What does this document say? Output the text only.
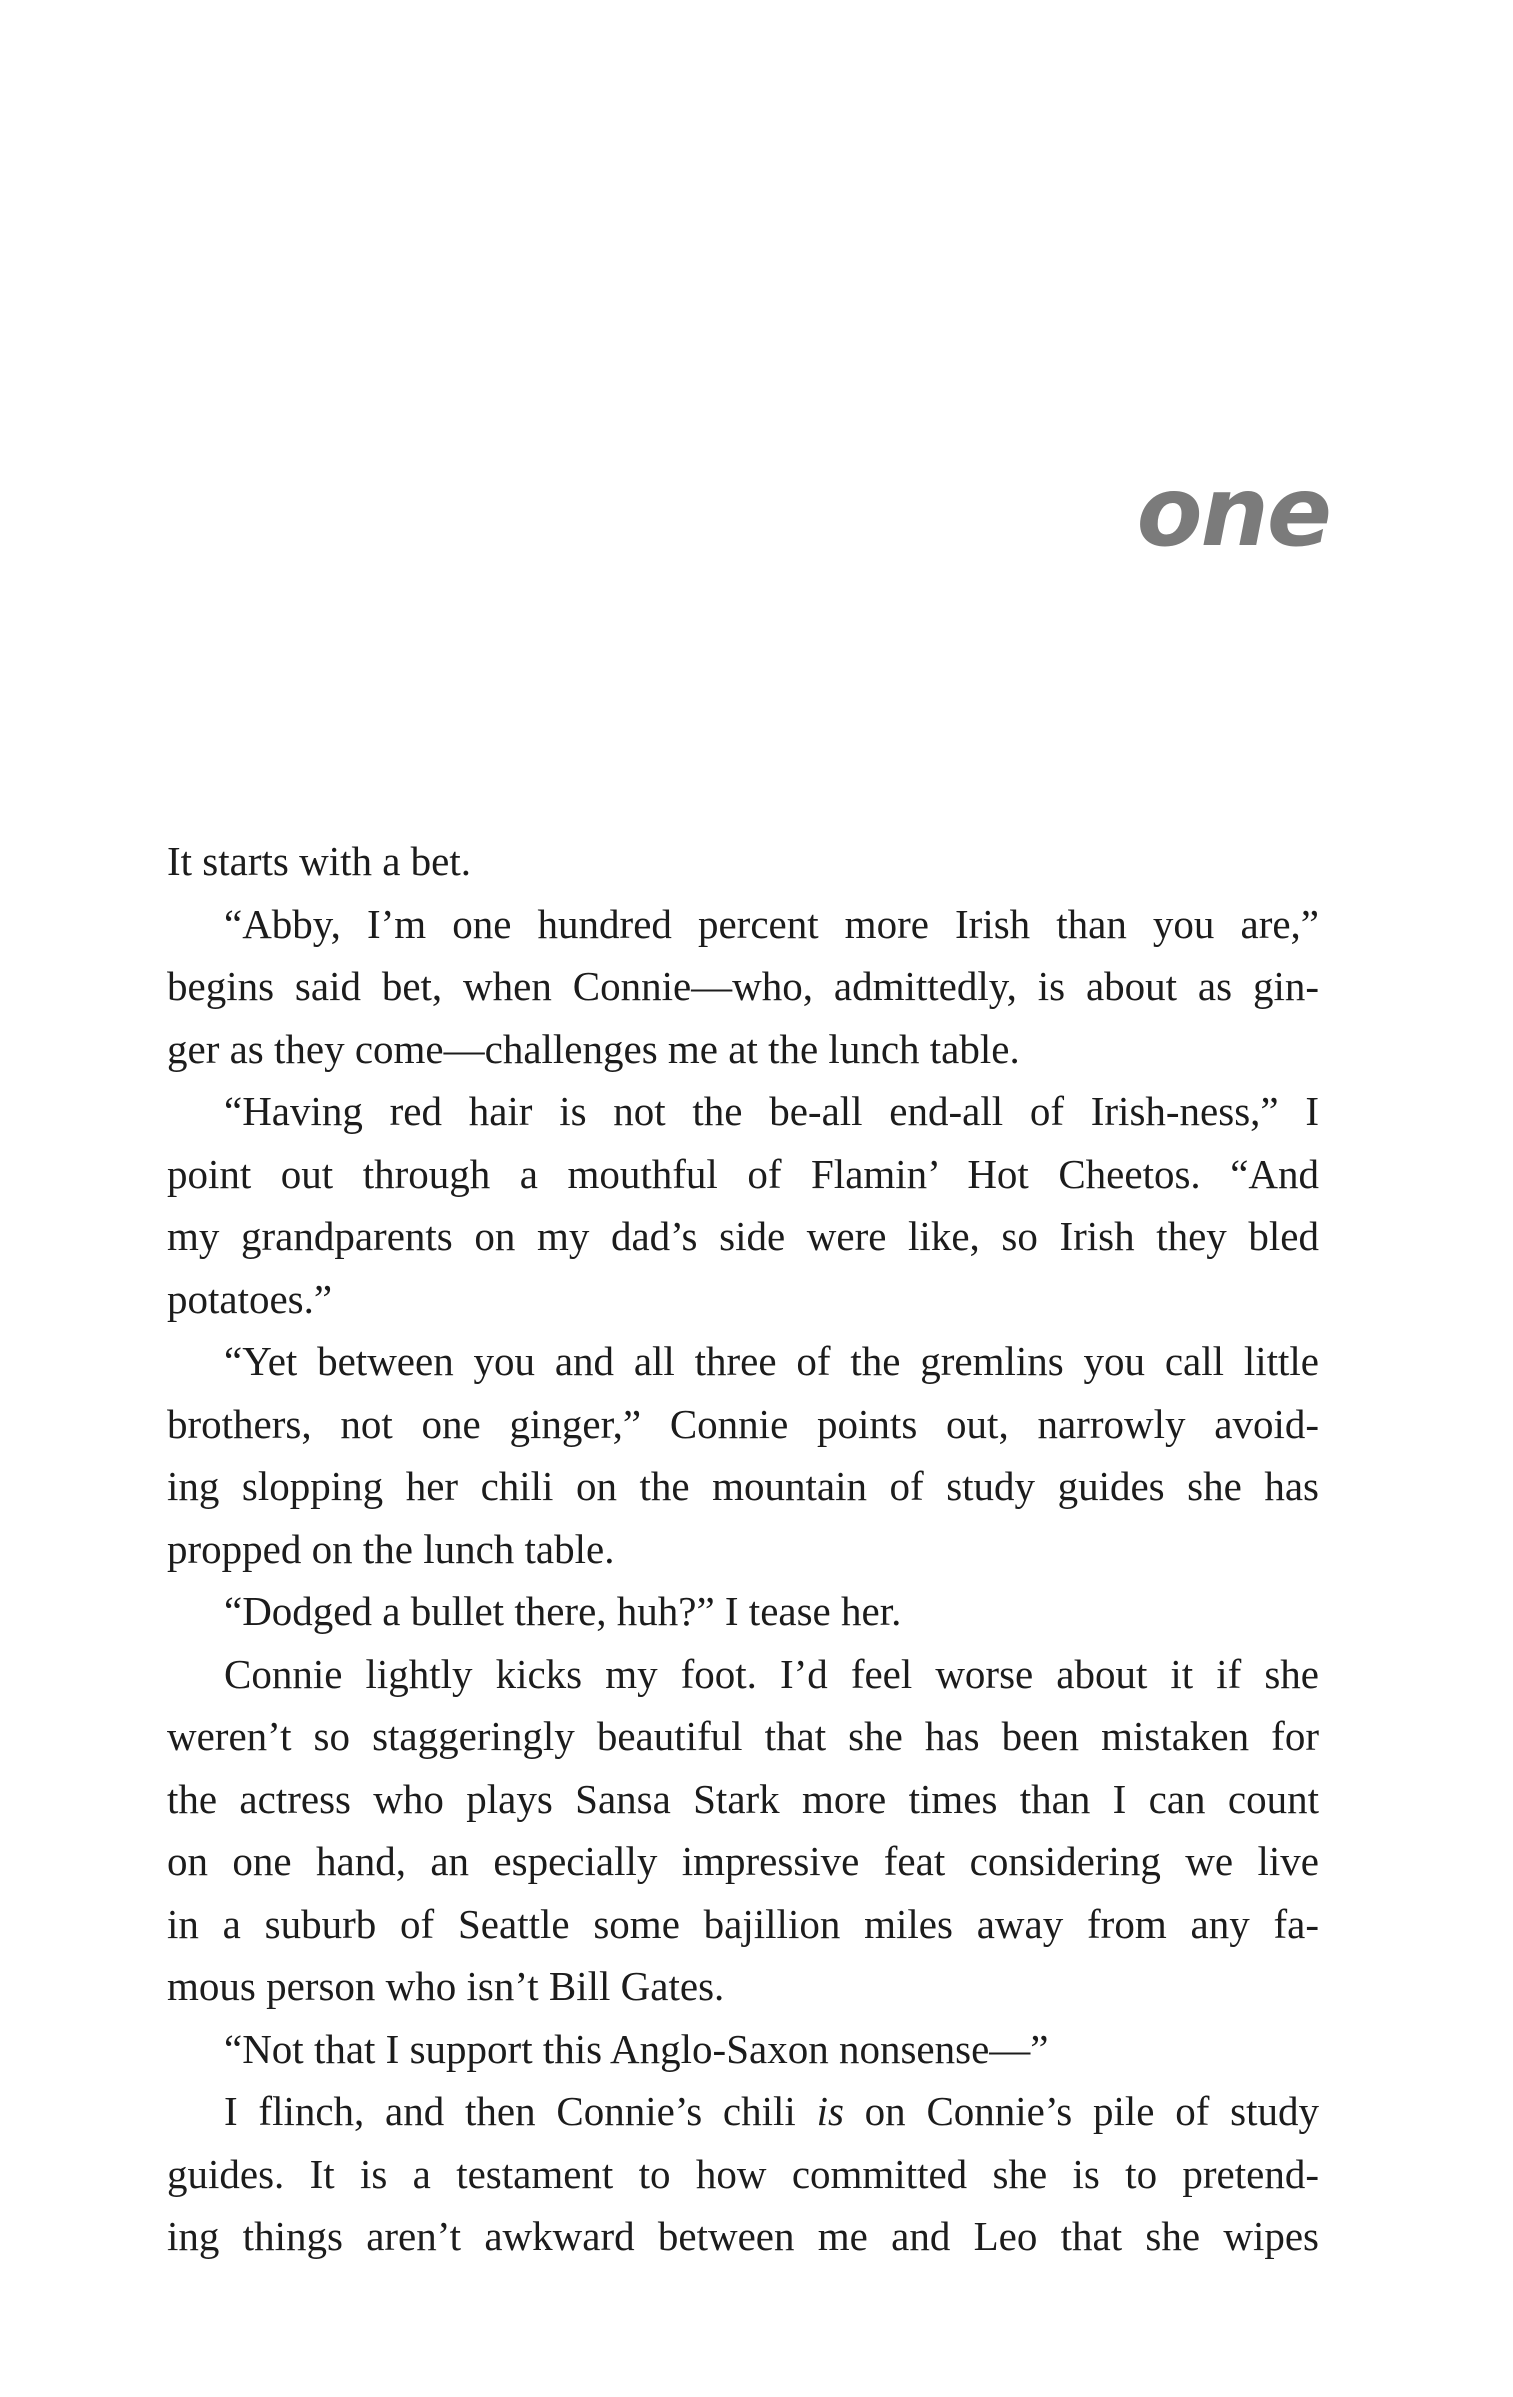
one
It starts with a bet.
“Abby, I’m one hundred percent more Irish than you are,”
begins said bet, when Connie—who, admittedly, is about as gin-
ger as they come—challenges me at the lunch table.
“Having red hair is not the be-all end-all of Irish-ness,” I
point out through a mouthful of Flamin’ Hot Cheetos. “And
my grandparents on my dad’s side were like, so Irish they bled
potatoes.”
“Yet between you and all three of the gremlins you call little
brothers, not one ginger,” Connie points out, narrowly avoid-
ing slopping her chili on the mountain of study guides she has
propped on the lunch table.
“Dodged a bullet there, huh?” I tease her.
Connie lightly kicks my foot. I’d feel worse about it if she
weren’t so staggeringly beautiful that she has been mistaken for
the actress who plays Sansa Stark more times than I can count
on one hand, an especially impressive feat considering we live
in a suburb of Seattle some bajillion miles away from any fa-
mous person who isn’t Bill Gates.
“Not that I support this Anglo-Saxon nonsense—”
I flinch, and then Connie’s chili is on Connie’s pile of study
guides. It is a testament to how committed she is to pretend-
ing things aren’t awkward between me and Leo that she wipes
